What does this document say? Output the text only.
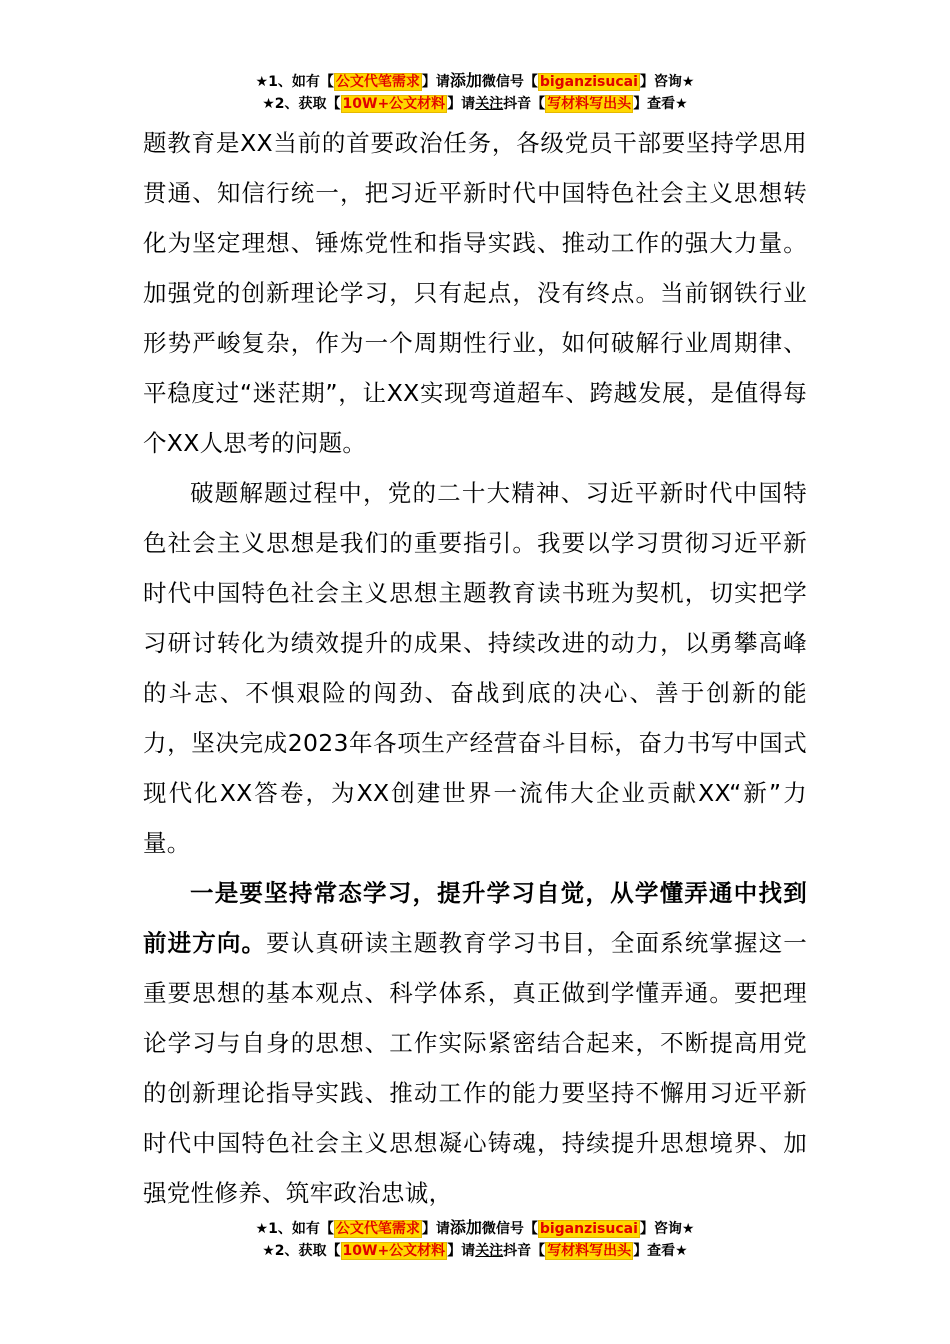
★1、如有【 公文代笔需求 】请添加微信号【 biganzisucai 】咨询★
★2、获取【 10W+公文材料 】请关注抖音【 写材料写出头 】查看★

题教育是XX当前的首要政治任务，各级党员干部要坚持学思用贯通、知信行统一，把习近平新时代中国特色社会主义思想转化为坚定理想、锤炼党性和指导实践、推动工作的强大力量。加强党的创新理论学习，只有起点，没有终点。当前钢铁行业形势严峻复杂，作为一个周期性行业，如何破解行业周期律、平稳度过“迷茫期”，让XX实现弯道超车、跨越发展，是值得每个XX人思考的问题。

破题解题过程中，党的二十大精神、习近平新时代中国特色社会主义思想是我们的重要指引。我要以学习贯彻习近平新时代中国特色社会主义思想主题教育读书班为契机，切实把学习研讨转化为绩效提升的成果、持续改进的动力，以勇攀高峰的斗志、不惧艰险的闯劲、奋战到底的决心、善于创新的能力，坚决完成2023年各项生产经营奋斗目标，奋力书写中国式现代化XX答卷，为XX创建世界一流伟大企业贡献XX“新”力量。

一是要坚持常态学习，提升学习自觉，从学懂弄通中找到前进方向。要认真研读主题教育学习书目，全面系统掌握这一重要思想的基本观点、科学体系，真正做到学懂弄通。要把理论学习与自身的思想、工作实际紧密结合起来，不断提高用党的创新理论指导实践、推动工作的能力要坚持不懈用习近平新时代中国特色社会主义思想凝心铸魂，持续提升思想境界、加强党性修养、筑牢政治忠诚，

★1、如有【 公文代笔需求 】请添加微信号【 biganzisucai 】咨询★
★2、获取【 10W+公文材料 】请关注抖音【 写材料写出头 】查看★
